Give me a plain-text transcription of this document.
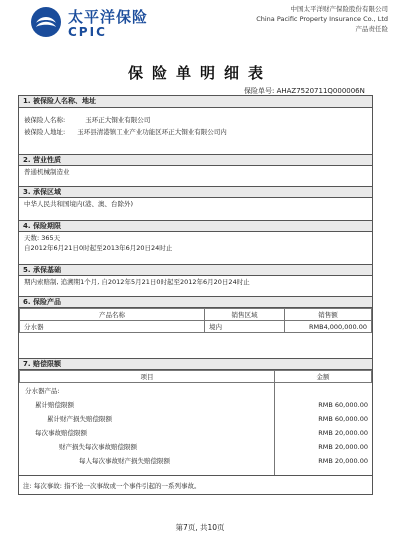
太平洋保险
CPIC
中国太平洋财产保险股份有限公司
China Pacific Property Insurance Co., Ltd
产品责任险
保险单明细表
保险单号: AHAZ7520711Q000006N
1. 被保险人名称、地址
被保险人名称:	玉环正大铜业有限公司
被保险人地址: 玉环县清港镇工业产业功能区环正大铜业有限公司内
2. 营业性质
普通机械制造业
3. 承保区域
中华人民共和国境内(港、澳、台除外)
4. 保险期限
天数: 365天
自2012年6月21日0时起至2013年6月20日24时止
5. 承保基础
期内索赔制, 追溯期1个月, 自2012年5月21日0时起至2012年6月20日24时止
6. 保险产品
产品名称	销售区域	销售额
分水器	境内	RMB4,000,000.00
7. 赔偿限额
项目	金额
分水器产品:
累计赔偿限额	RMB 60,000.00
累计财产损失赔偿限额	RMB 60,000.00
每次事故赔偿限额	RMB 20,000.00
财产损失每次事故赔偿限额	RMB 20,000.00
每人每次事故财产损失赔偿限额	RMB 20,000.00
注: 每次事故: 指不论一次事故或一个事件引起的一系列事故。
第7页, 共10页
